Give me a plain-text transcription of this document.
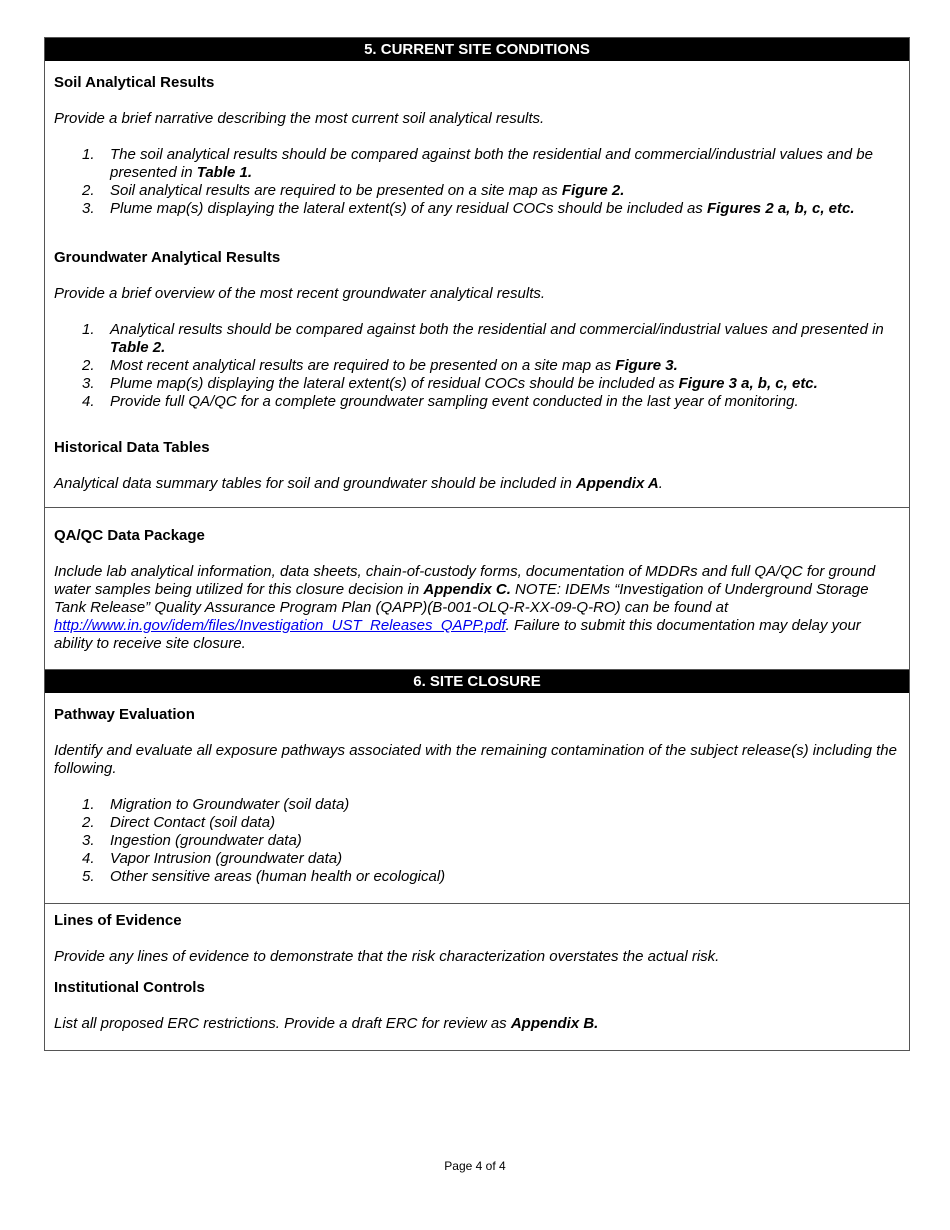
5. CURRENT SITE CONDITIONS
Soil Analytical Results
Provide a brief narrative describing the most current soil analytical results.
1. The soil analytical results should be compared against both the residential and commercial/industrial values and be presented in Table 1.
2. Soil analytical results are required to be presented on a site map as Figure 2.
3. Plume map(s) displaying the lateral extent(s) of any residual COCs should be included as Figures 2 a, b, c, etc.
Groundwater Analytical Results
Provide a brief overview of the most recent groundwater analytical results.
1. Analytical results should be compared against both the residential and commercial/industrial values and presented in Table 2.
2. Most recent analytical results are required to be presented on a site map as Figure 3.
3. Plume map(s) displaying the lateral extent(s) of residual COCs should be included as Figure 3 a, b, c, etc.
4. Provide full QA/QC for a complete groundwater sampling event conducted in the last year of monitoring.
Historical Data Tables
Analytical data summary tables for soil and groundwater should be included in Appendix A.
QA/QC Data Package
Include lab analytical information, data sheets, chain-of-custody forms, documentation of MDDRs and full QA/QC for ground water samples being utilized for this closure decision in Appendix C. NOTE: IDEMs “Investigation of Underground Storage Tank Release” Quality Assurance Program Plan (QAPP)(B-001-OLQ-R-XX-09-Q-RO) can be found at http://www.in.gov/idem/files/Investigation_UST_Releases_QAPP.pdf. Failure to submit this documentation may delay your ability to receive site closure.
6. SITE CLOSURE
Pathway Evaluation
Identify and evaluate all exposure pathways associated with the remaining contamination of the subject release(s) including the following.
1. Migration to Groundwater (soil data)
2. Direct Contact (soil data)
3. Ingestion (groundwater data)
4. Vapor Intrusion (groundwater data)
5. Other sensitive areas (human health or ecological)
Lines of Evidence
Provide any lines of evidence to demonstrate that the risk characterization overstates the actual risk.
Institutional Controls
List all proposed ERC restrictions. Provide a draft ERC for review as Appendix B.
Page 4 of 4
